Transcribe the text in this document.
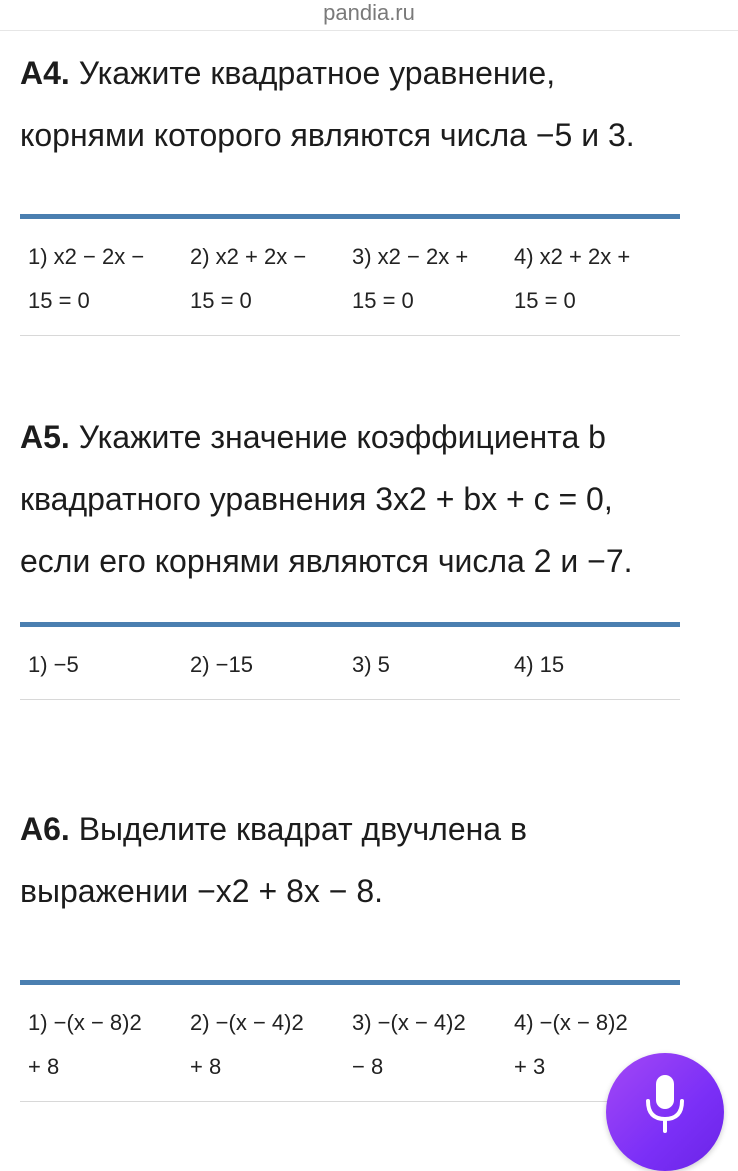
pandia.ru

А4. Укажите квадратное уравнение,

корнями которого являются числа −5 и 3.

1) x2 − 2x −
15 = 0
2) x2 + 2x −
15 = 0
3) x2 − 2x +
15 = 0
4) x2 + 2x +
15 = 0

А5. Укажите значение коэффициента b

квадратного уравнения 3x2 + bx + c = 0,

если его корнями являются числа 2 и −7.

1) −5	2) −15	3) 5	4) 15

А6. Выделите квадрат двучлена в

выражении −x2 + 8x − 8.

1) −(x − 8)2
+ 8
2) −(x − 4)2
+ 8
3) −(x − 4)2
− 8
4) −(x − 8)2
+ 3
